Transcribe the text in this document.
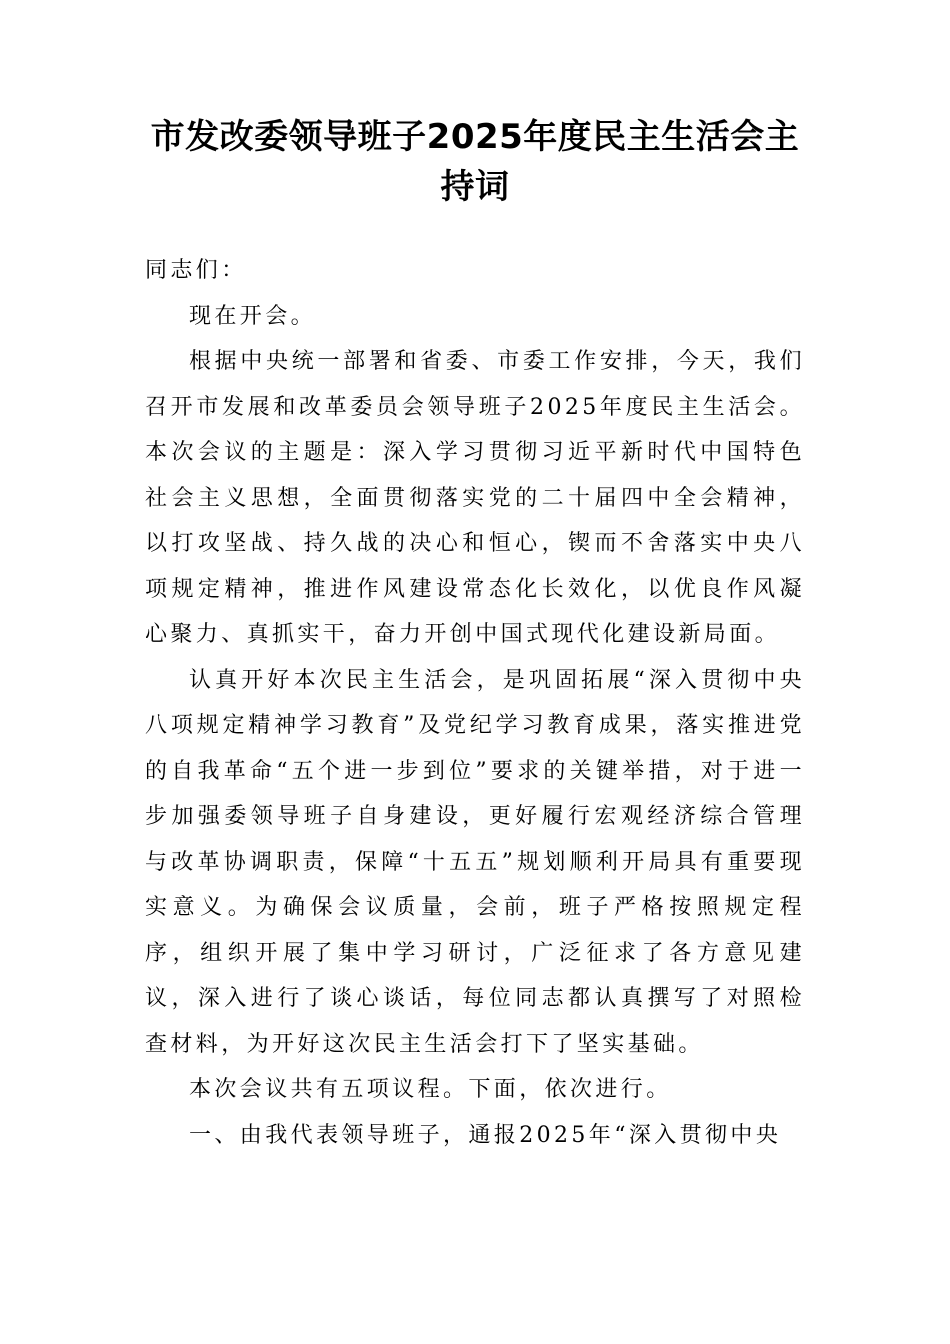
市发改委领导班子2025年度民主生活会主持词

同志们：

现在开会。

根据中央统一部署和省委、市委工作安排，今天，我们召开市发展和改革委员会领导班子2025年度民主生活会。本次会议的主题是：深入学习贯彻习近平新时代中国特色社会主义思想，全面贯彻落实党的二十届四中全会精神，以打攻坚战、持久战的决心和恒心，锲而不舍落实中央八项规定精神，推进作风建设常态化长效化，以优良作风凝心聚力、真抓实干，奋力开创中国式现代化建设新局面。

认真开好本次民主生活会，是巩固拓展“深入贯彻中央八项规定精神学习教育”及党纪学习教育成果，落实推进党的自我革命“五个进一步到位”要求的关键举措，对于进一步加强委领导班子自身建设，更好履行宏观经济综合管理与改革协调职责，保障“十五五”规划顺利开局具有重要现实意义。为确保会议质量，会前，班子严格按照规定程序，组织开展了集中学习研讨，广泛征求了各方意见建议，深入进行了谈心谈话，每位同志都认真撰写了对照检查材料，为开好这次民主生活会打下了坚实基础。

本次会议共有五项议程。下面，依次进行。

一、由我代表领导班子，通报2025年“深入贯彻中央
